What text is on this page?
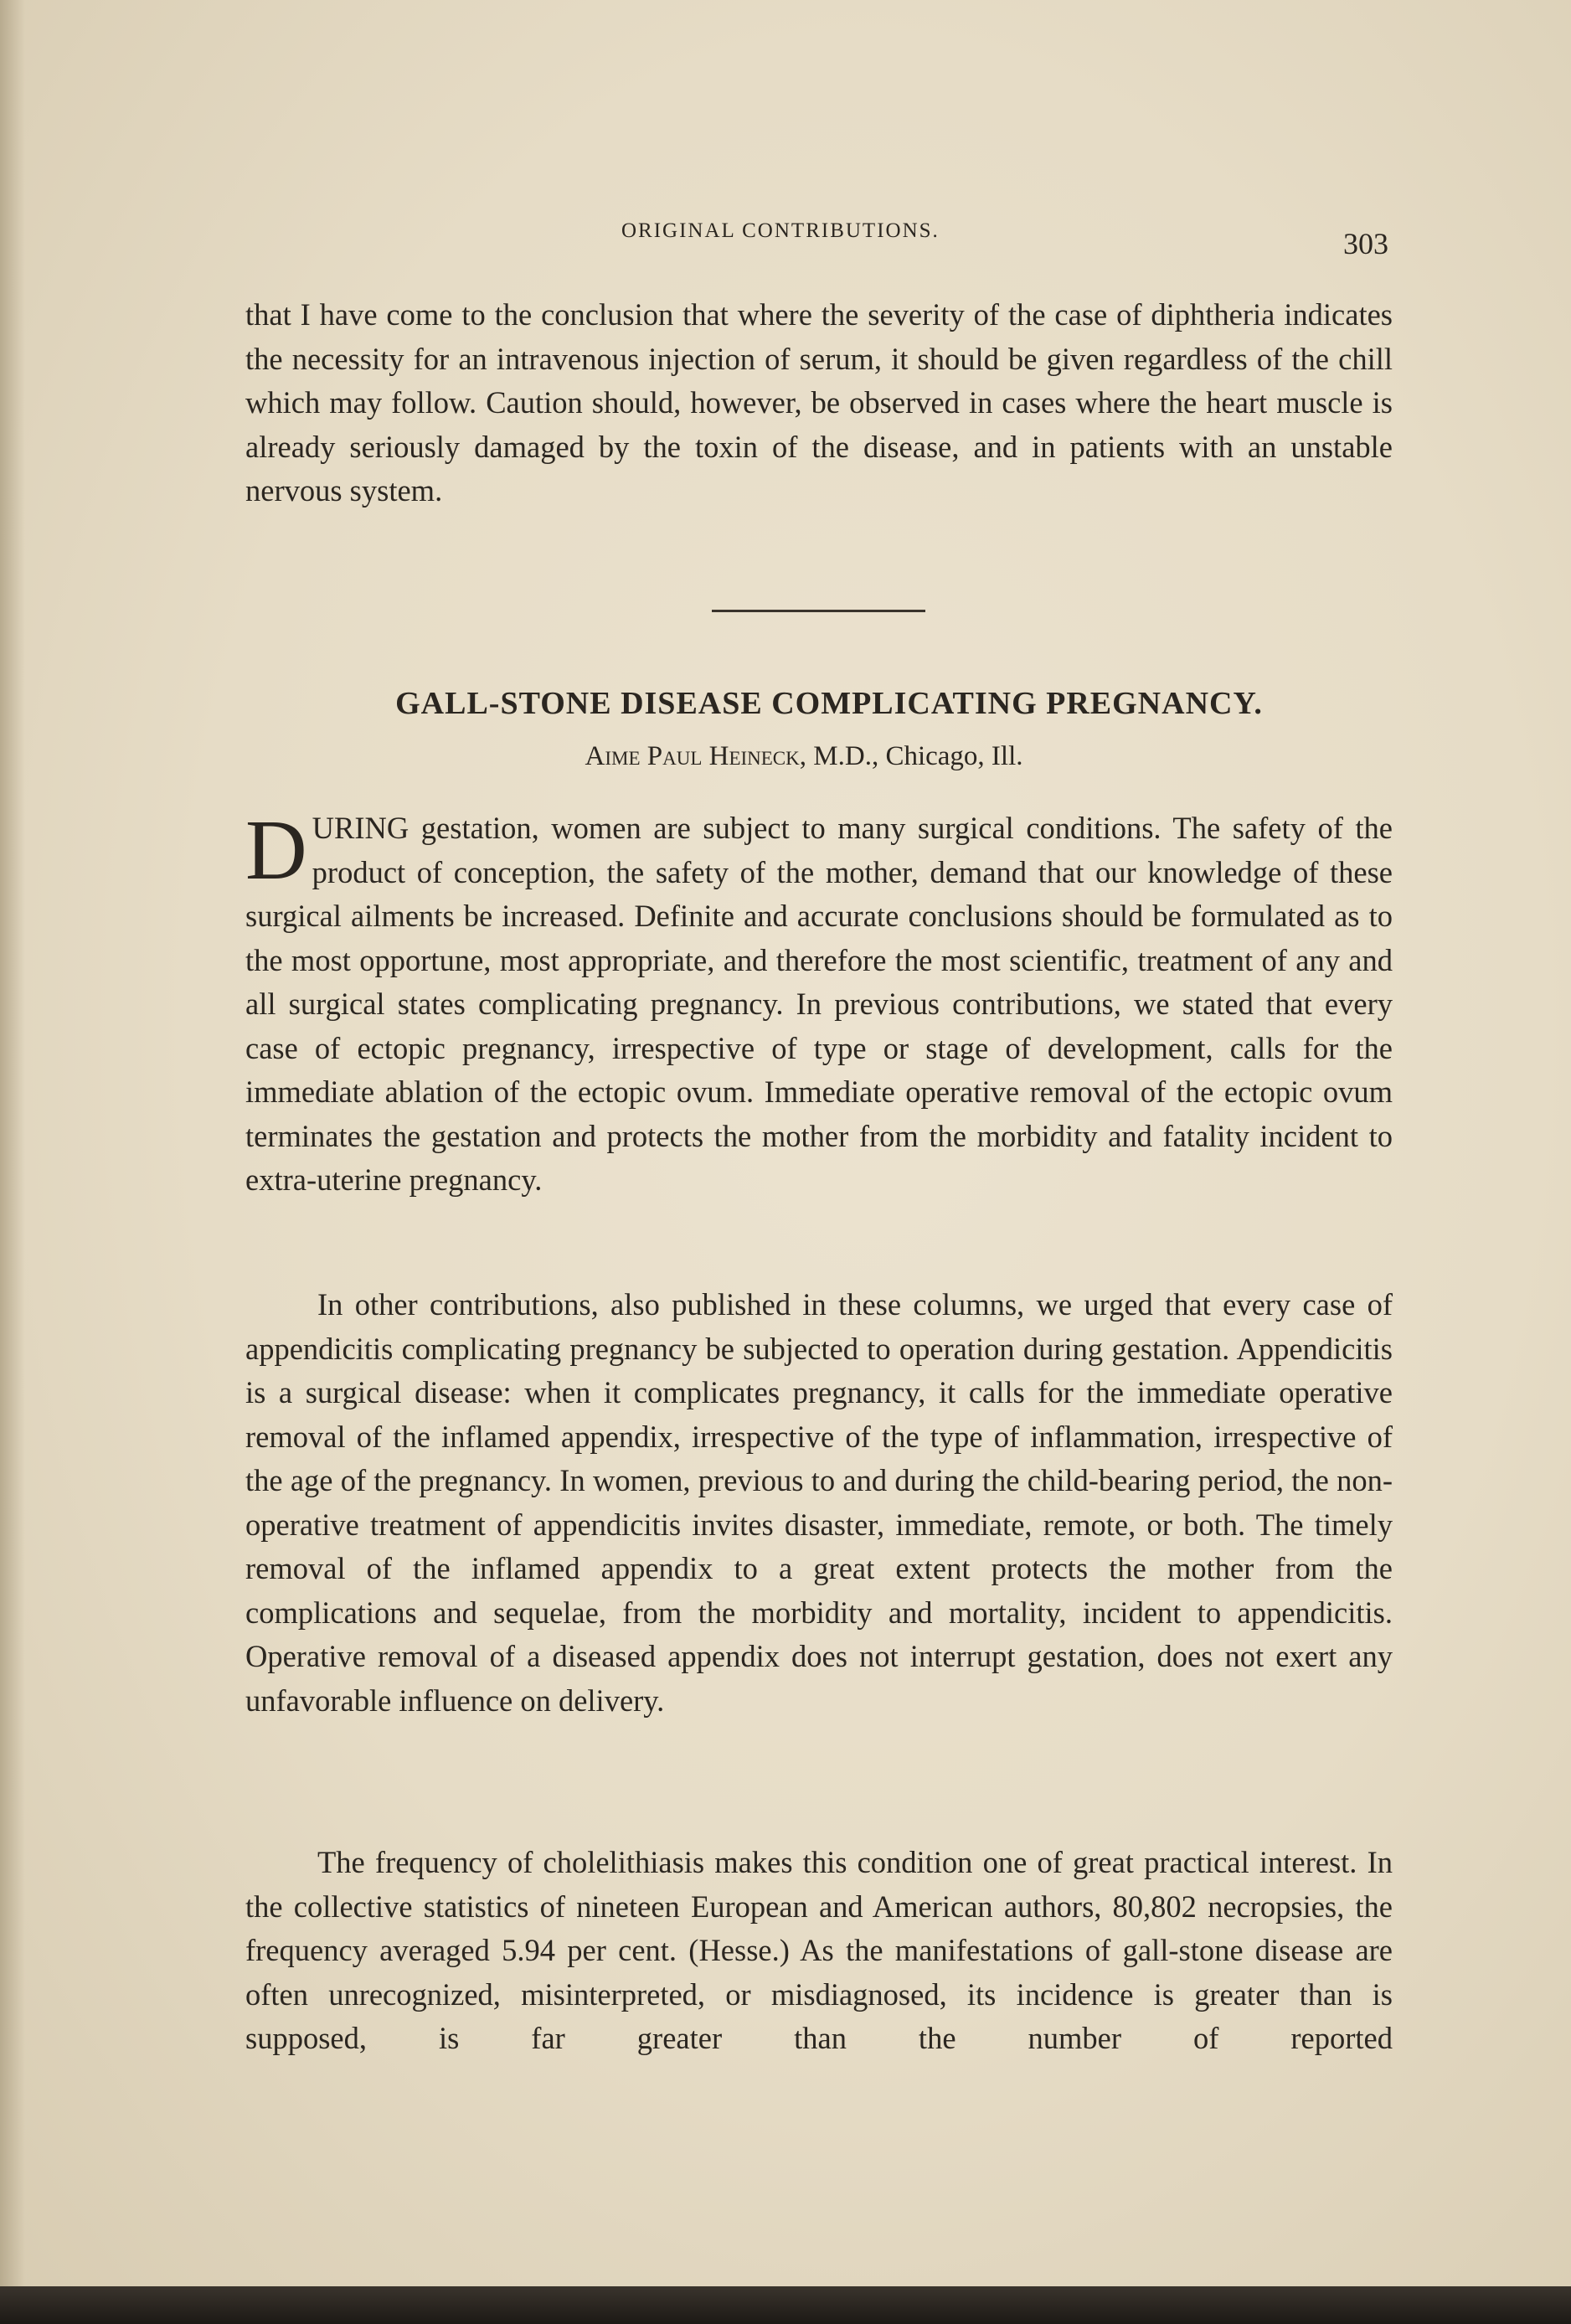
ORIGINAL CONTRIBUTIONS.	303

that I have come to the conclusion that where the severity of the case of diphtheria indicates the necessity for an intravenous injection of serum, it should be given regardless of the chill which may follow. Caution should, however, be observed in cases where the heart muscle is already seriously damaged by the toxin of the disease, and in patients with an unstable nervous system.

GALL-STONE DISEASE COMPLICATING PREGNANCY.

Aime Paul Heineck, M.D., Chicago, Ill.

DURING gestation, women are subject to many surgical conditions. The safety of the product of conception, the safety of the mother, demand that our knowledge of these surgical ailments be increased. Definite and accurate conclusions should be formulated as to the most opportune, most appropriate, and therefore the most scientific, treatment of any and all surgical states complicating pregnancy. In previous contributions, we stated that every case of ectopic pregnancy, irrespective of type or stage of development, calls for the immediate ablation of the ectopic ovum. Immediate operative removal of the ectopic ovum terminates the gestation and protects the mother from the morbidity and fatality incident to extra-uterine pregnancy.

In other contributions, also published in these columns, we urged that every case of appendicitis complicating pregnancy be subjected to operation during gestation. Appendicitis is a surgical disease: when it complicates pregnancy, it calls for the immediate operative removal of the inflamed appendix, irrespective of the type of inflammation, irrespective of the age of the pregnancy. In women, previous to and during the child-bearing period, the non-operative treatment of appendicitis invites disaster, immediate, remote, or both. The timely removal of the inflamed appendix to a great extent protects the mother from the complications and sequelae, from the morbidity and mortality, incident to appendicitis. Operative removal of a diseased appendix does not interrupt gestation, does not exert any unfavorable influence on delivery.

The frequency of cholelithiasis makes this condition one of great practical interest. In the collective statistics of nineteen European and American authors, 80,802 necropsies, the frequency averaged 5.94 per cent. (Hesse.) As the manifestations of gall-stone disease are often unrecognized, misinterpreted, or misdiagnosed, its incidence is greater than is supposed, is far greater than the number of reported
